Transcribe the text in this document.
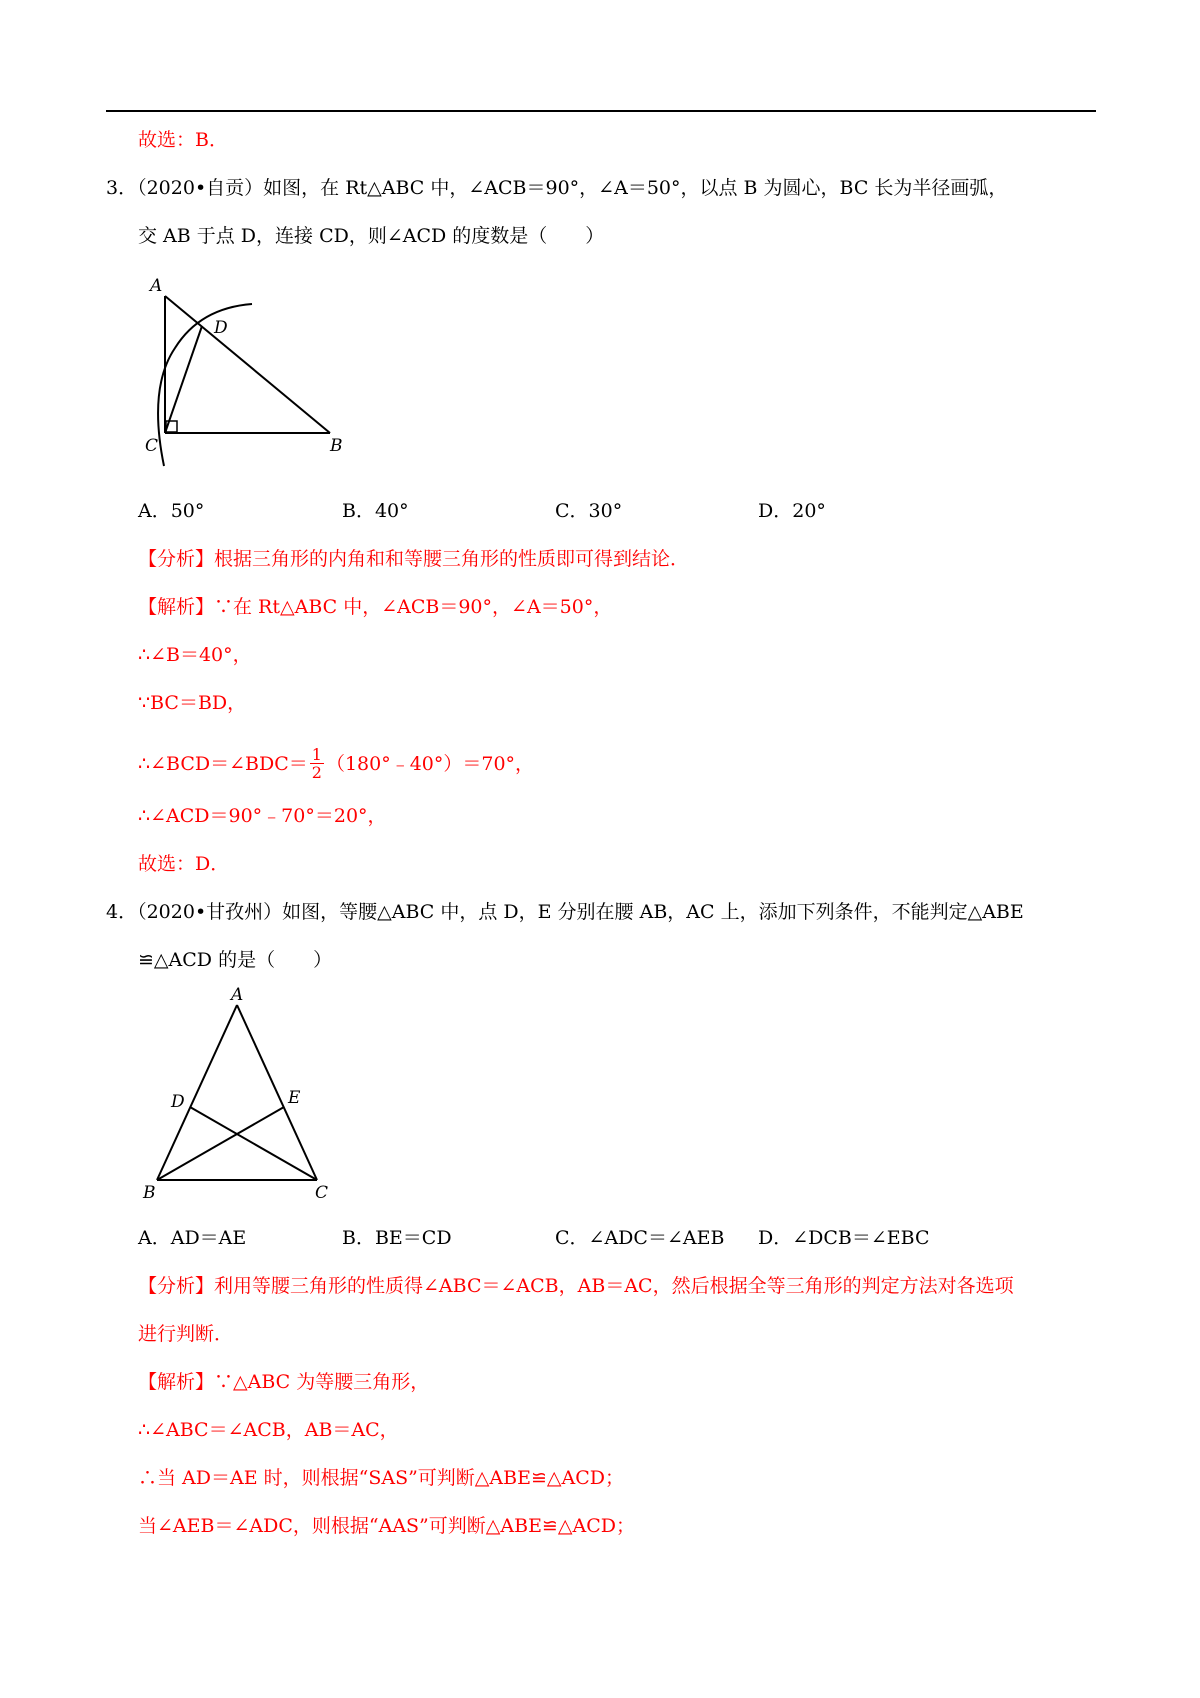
故选：B．
3．（2020•自贡）如图，在 Rt△ABC 中，∠ACB＝90°，∠A＝50°，以点 B 为圆心，BC 长为半径画弧，
交 AB 于点 D，连接 CD，则∠ACD 的度数是（　　）
A
D
C	B
A．50°	B．40°	C．30°	D．20°
【分析】根据三角形的内角和和等腰三角形的性质即可得到结论．
【解析】∵在 Rt△ABC 中，∠ACB＝90°，∠A＝50°，
∴∠B＝40°，
∵BC＝BD，
∴∠BCD＝∠BDC＝ $\frac{1}{2}$ （180°﹣40°）＝70°，
∴∠ACD＝90°﹣70°＝20°，
故选：D．
4．（2020•甘孜州）如图，等腰△ABC 中，点 D，E 分别在腰 AB，AC 上，添加下列条件，不能判定△ABE
≌△ACD 的是（　　）
A
D	E
B	C
A．AD＝AE	B．BE＝CD	C．∠ADC＝∠AEB D．∠DCB＝∠EBC
【分析】利用等腰三角形的性质得∠ABC＝∠ACB，AB＝AC，然后根据全等三角形的判定方法对各选项
进行判断．
【解析】∵△ABC 为等腰三角形，
∴∠ABC＝∠ACB，AB＝AC，
∴当 AD＝AE 时，则根据“SAS”可判断△ABE≌△ACD；
当∠AEB＝∠ADC，则根据“AAS”可判断△ABE≌△ACD；
